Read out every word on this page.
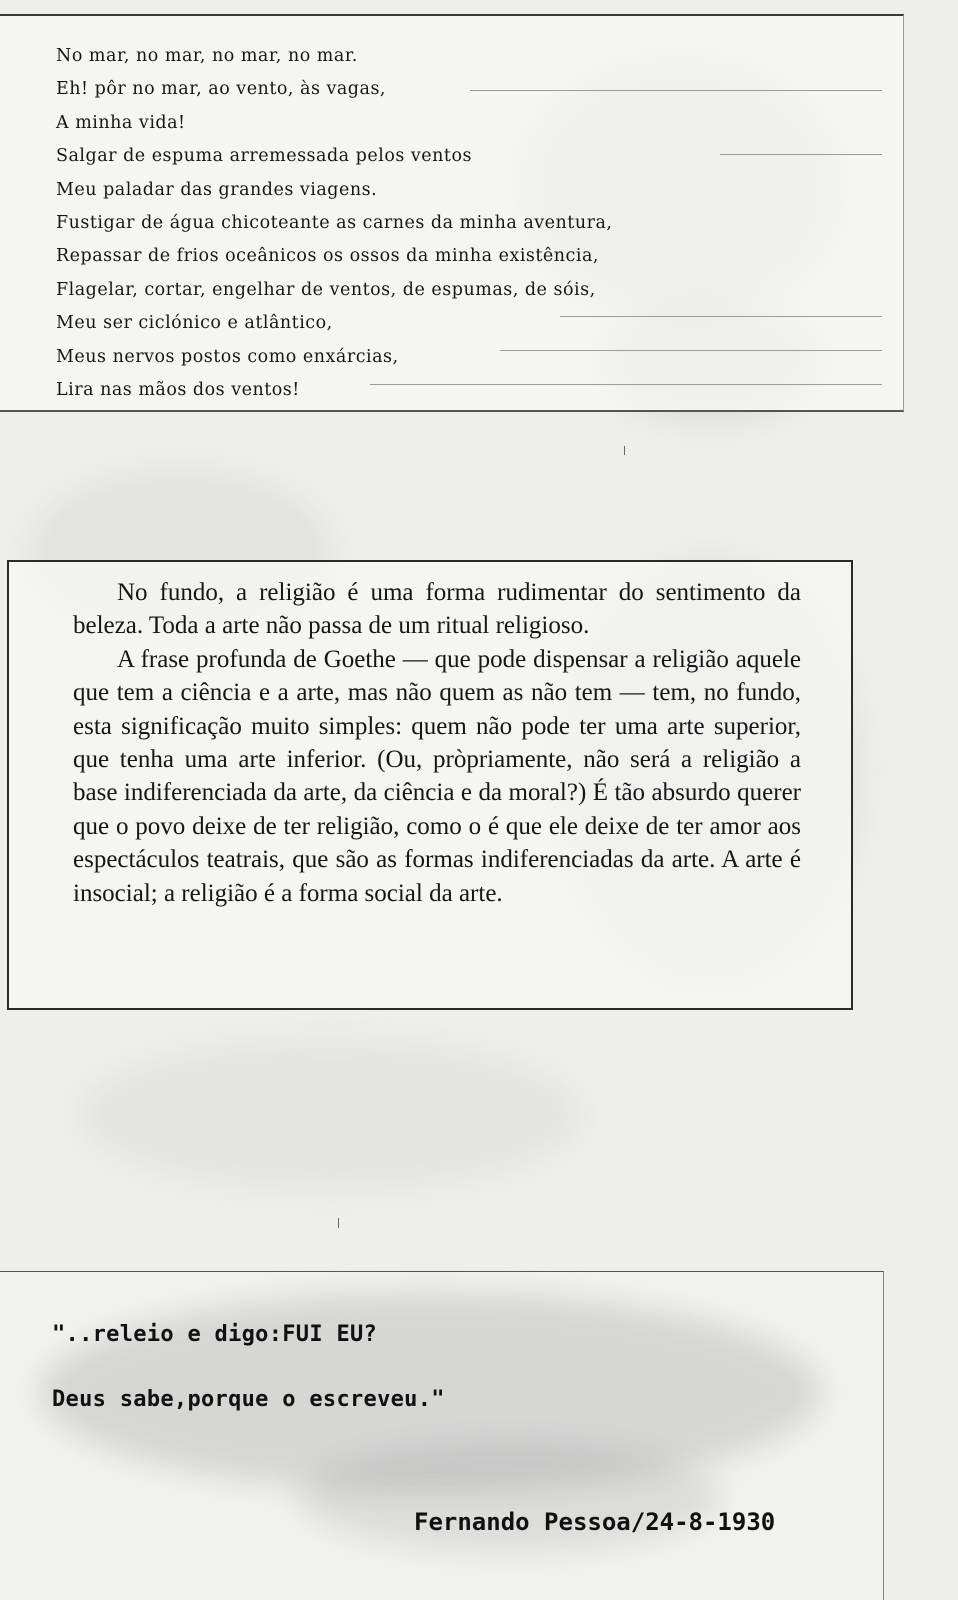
No mar, no mar, no mar, no mar.
Eh! pôr no mar, ao vento, às vagas,
A minha vida!
Salgar de espuma arremessada pelos ventos
Meu paladar das grandes viagens.
Fustigar de água chicoteante as carnes da minha aventura,
Repassar de frios oceânicos os ossos da minha existência,
Flagelar, cortar, engelhar de ventos, de espumas, de sóis,
Meu ser ciclónico e atlântico,
Meus nervos postos como enxárcias,
Lira nas mãos dos ventos!

No fundo, a religião é uma forma rudimentar do sentimento da beleza. Toda a arte não passa de um ritual religioso.

A frase profunda de Goethe — que pode dispensar a religião aquele que tem a ciência e a arte, mas não quem as não tem — tem, no fundo, esta significação muito simples: quem não pode ter uma arte superior, que tenha uma arte inferior. (Ou, pròpriamente, não será a religião a base indiferenciada da arte, da ciência e da moral?) É tão absurdo querer que o povo deixe de ter religião, como o é que ele deixe de ter amor aos espectáculos teatrais, que são as formas indiferenciadas da arte. A arte é insocial; a religião é a forma social da arte.

"..releio e digo:FUI EU?
Deus sabe,porque o escreveu."
Fernando Pessoa/24-8-1930
